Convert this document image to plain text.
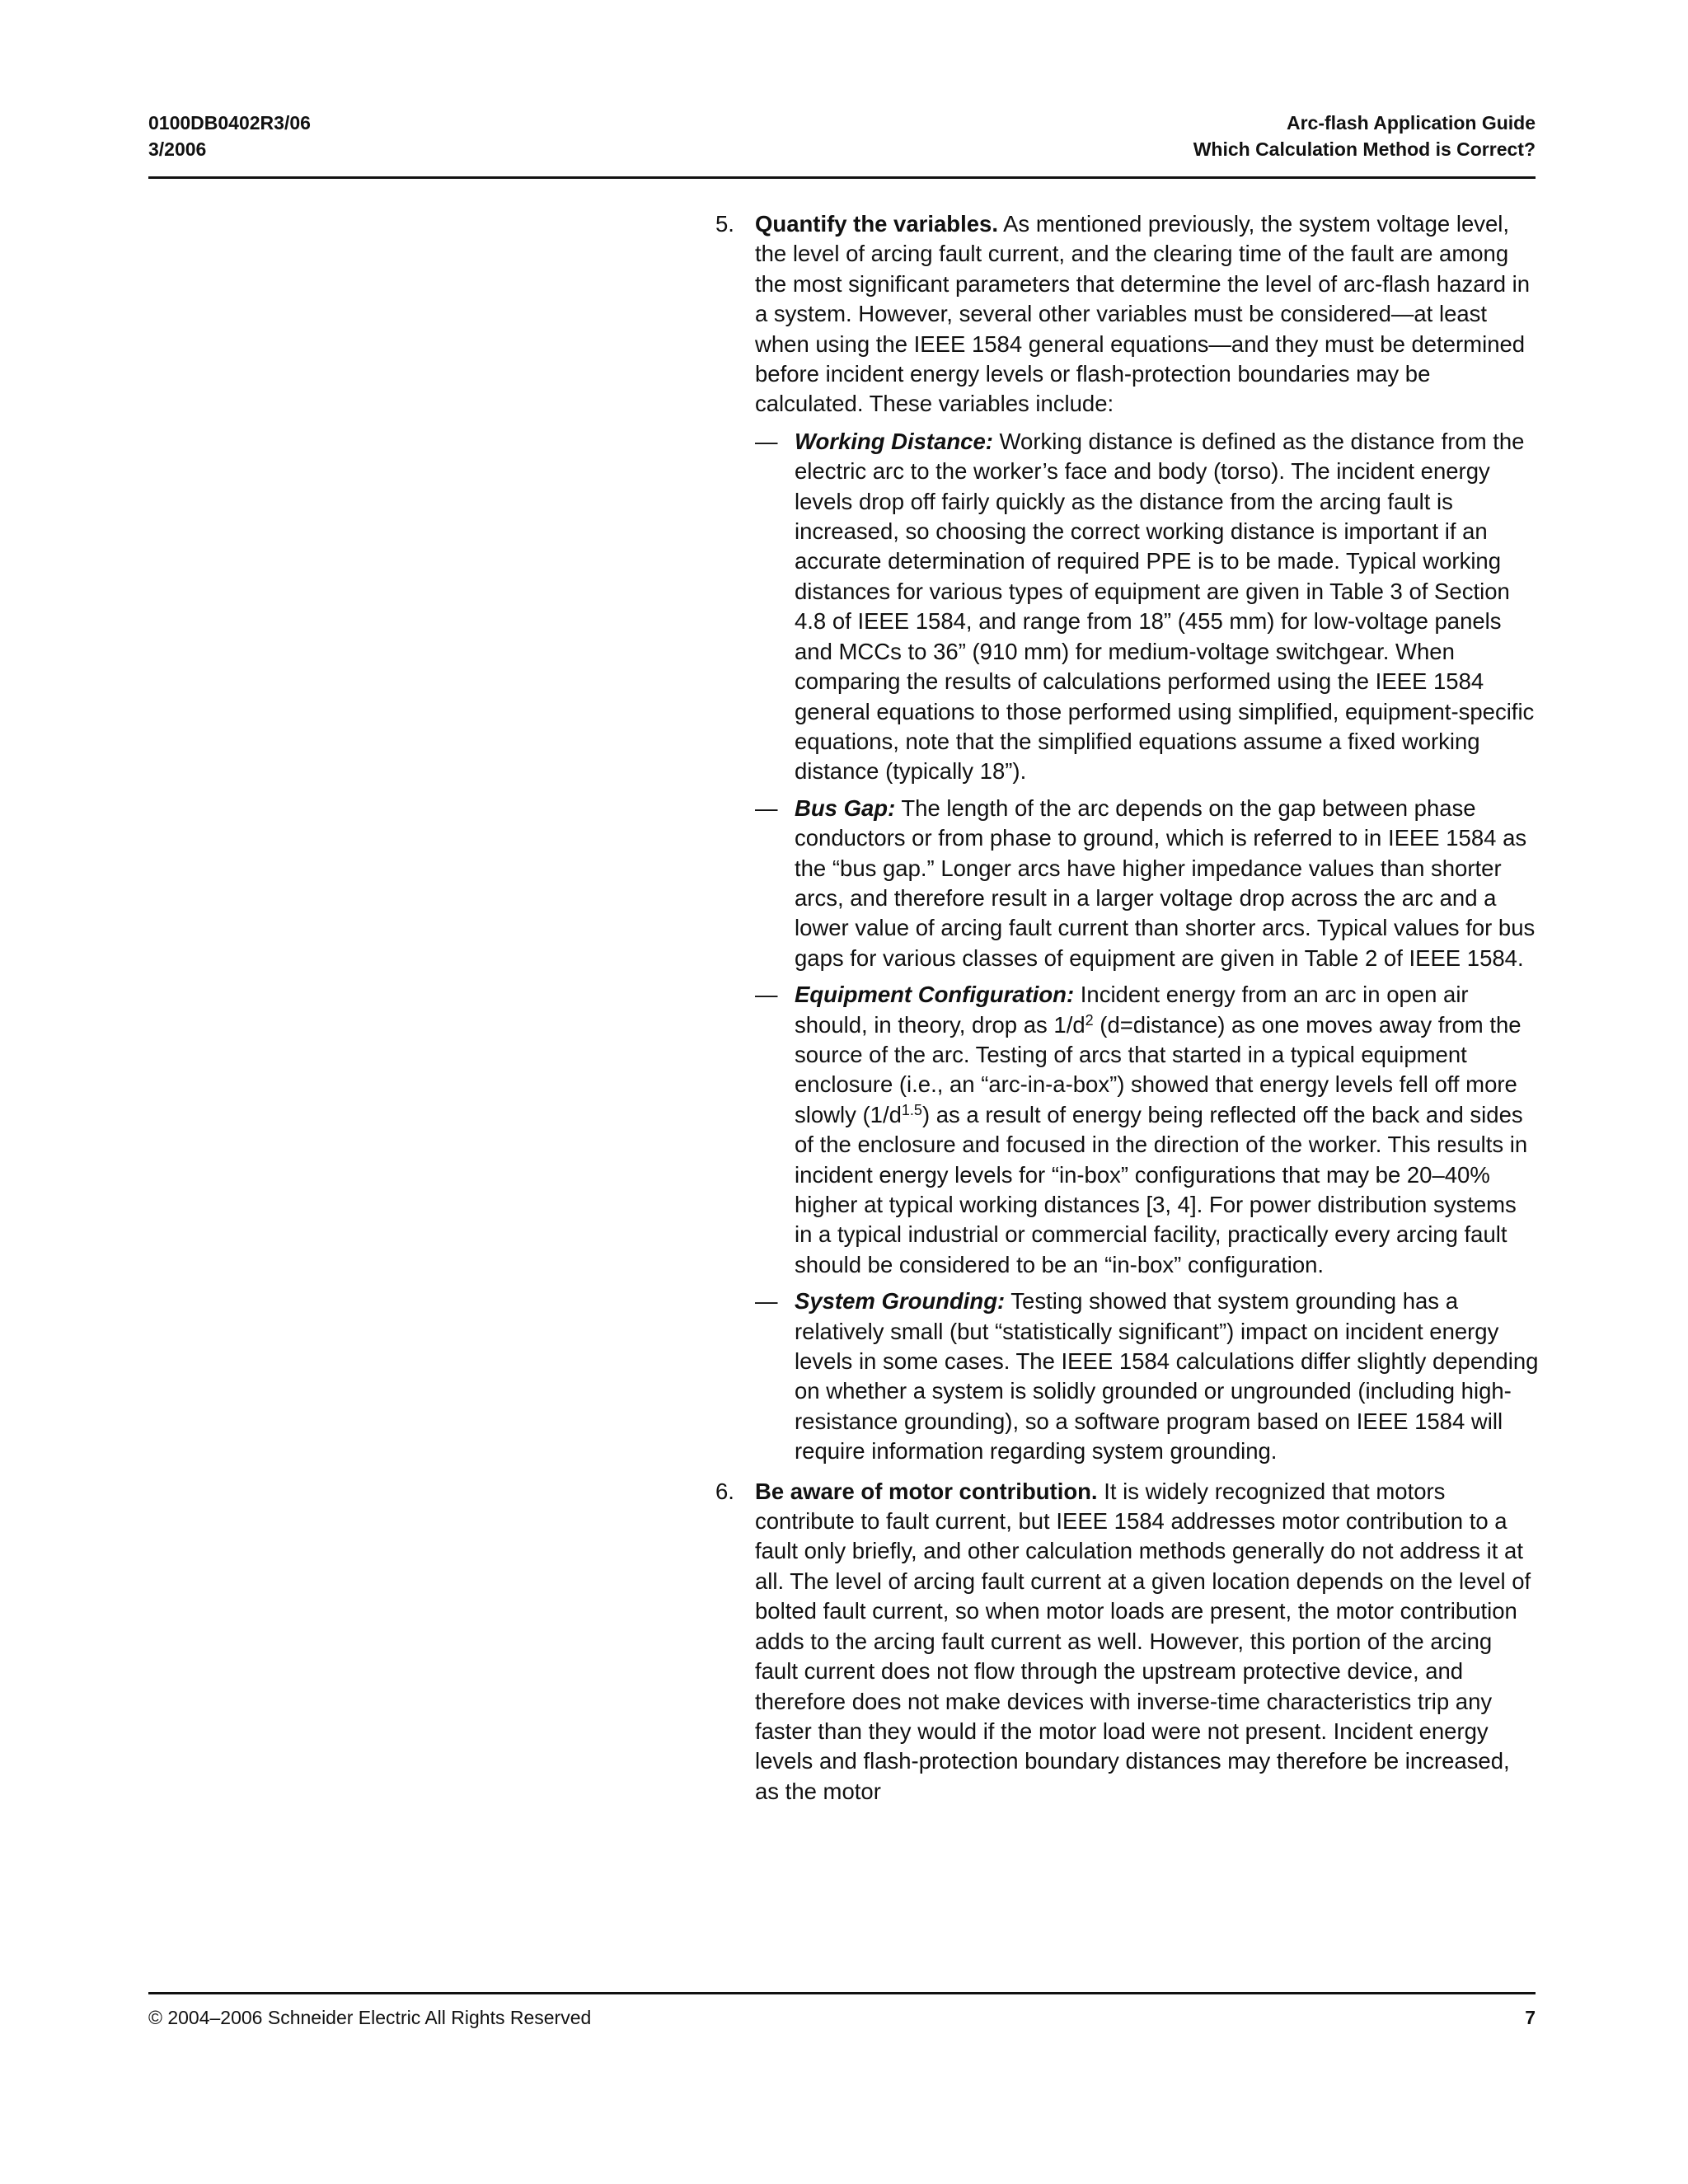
0100DB0402R3/06
3/2006
Arc-flash Application Guide
Which Calculation Method is Correct?
5. Quantify the variables. As mentioned previously, the system voltage level, the level of arcing fault current, and the clearing time of the fault are among the most significant parameters that determine the level of arc-flash hazard in a system. However, several other variables must be considered—at least when using the IEEE 1584 general equations—and they must be determined before incident energy levels or flash-protection boundaries may be calculated. These variables include:
— Working Distance: Working distance is defined as the distance from the electric arc to the worker’s face and body (torso). The incident energy levels drop off fairly quickly as the distance from the arcing fault is increased, so choosing the correct working distance is important if an accurate determination of required PPE is to be made. Typical working distances for various types of equipment are given in Table 3 of Section 4.8 of IEEE 1584, and range from 18” (455 mm) for low-voltage panels and MCCs to 36” (910 mm) for medium-voltage switchgear. When comparing the results of calculations performed using the IEEE 1584 general equations to those performed using simplified, equipment-specific equations, note that the simplified equations assume a fixed working distance (typically 18”).
— Bus Gap: The length of the arc depends on the gap between phase conductors or from phase to ground, which is referred to in IEEE 1584 as the “bus gap.” Longer arcs have higher impedance values than shorter arcs, and therefore result in a larger voltage drop across the arc and a lower value of arcing fault current than shorter arcs. Typical values for bus gaps for various classes of equipment are given in Table 2 of IEEE 1584.
— Equipment Configuration: Incident energy from an arc in open air should, in theory, drop as $1/d^2$ (d=distance) as one moves away from the source of the arc. Testing of arcs that started in a typical equipment enclosure (i.e., an “arc-in-a-box”) showed that energy levels fell off more slowly $(1/d^{1.5})$ as a result of energy being reflected off the back and sides of the enclosure and focused in the direction of the worker. This results in incident energy levels for “in-box” configurations that may be 20–40% higher at typical working distances [3, 4]. For power distribution systems in a typical industrial or commercial facility, practically every arcing fault should be considered to be an “in-box” configuration.
— System Grounding: Testing showed that system grounding has a relatively small (but “statistically significant”) impact on incident energy levels in some cases. The IEEE 1584 calculations differ slightly depending on whether a system is solidly grounded or ungrounded (including high-resistance grounding), so a software program based on IEEE 1584 will require information regarding system grounding.
6. Be aware of motor contribution. It is widely recognized that motors contribute to fault current, but IEEE 1584 addresses motor contribution to a fault only briefly, and other calculation methods generally do not address it at all. The level of arcing fault current at a given location depends on the level of bolted fault current, so when motor loads are present, the motor contribution adds to the arcing fault current as well. However, this portion of the arcing fault current does not flow through the upstream protective device, and therefore does not make devices with inverse-time characteristics trip any faster than they would if the motor load were not present. Incident energy levels and flash-protection boundary distances may therefore be increased, as the motor
© 2004–2006 Schneider Electric All Rights Reserved	7
